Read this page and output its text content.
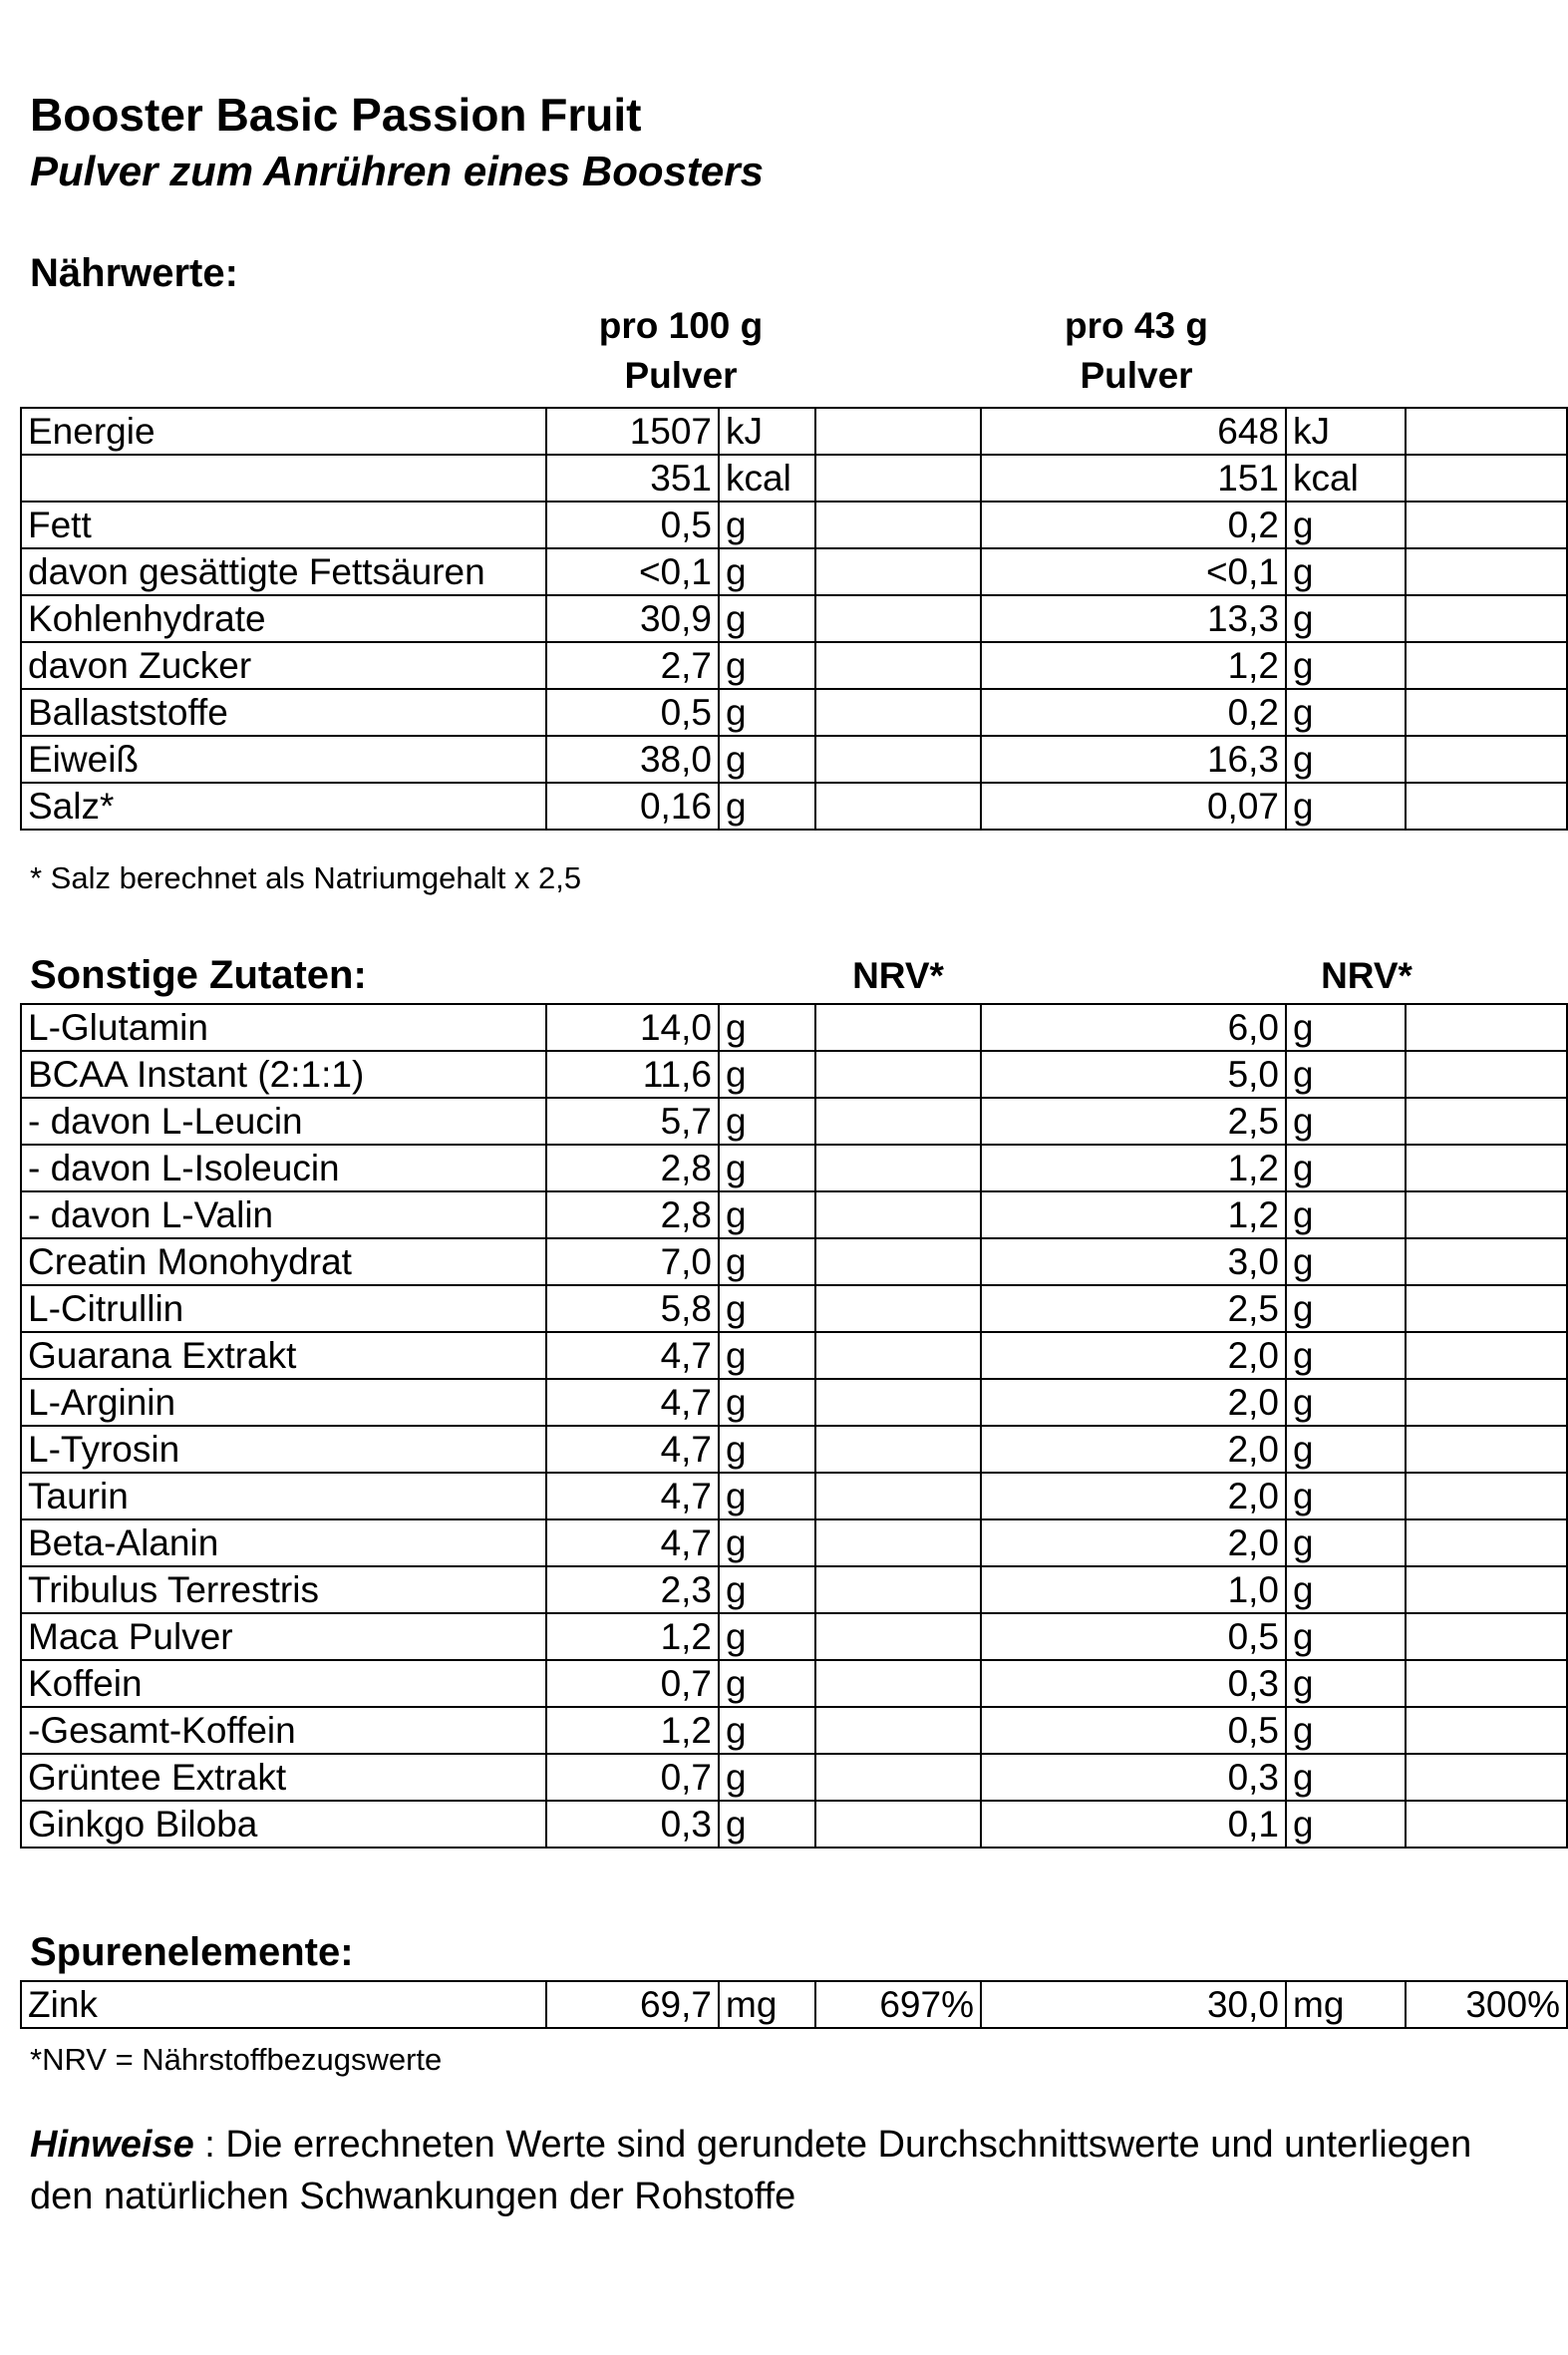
Booster Basic Passion Fruit
Pulver zum Anrühren eines Boosters
Nährwerte:
pro 100 g
Pulver
pro 43 g
Pulver
Energie	1507	kJ		648	kJ	
	351	kcal		151	kcal	
Fett	0,5	g		0,2	g	
davon gesättigte Fettsäuren	<0,1	g		<0,1	g	
Kohlenhydrate	30,9	g		13,3	g	
davon Zucker	2,7	g		1,2	g	
Ballaststoffe	0,5	g		0,2	g	
Eiweiß	38,0	g		16,3	g	
Salz*	0,16	g		0,07	g	
* Salz berechnet als Natriumgehalt x 2,5
Sonstige Zutaten:	NRV*	NRV*
L-Glutamin	14,0	g		6,0	g	
BCAA Instant (2:1:1)	11,6	g		5,0	g	
- davon L-Leucin	5,7	g		2,5	g	
- davon L-Isoleucin	2,8	g		1,2	g	
- davon L-Valin	2,8	g		1,2	g	
Creatin Monohydrat	7,0	g		3,0	g	
L-Citrullin	5,8	g		2,5	g	
Guarana Extrakt	4,7	g		2,0	g	
L-Arginin	4,7	g		2,0	g	
L-Tyrosin	4,7	g		2,0	g	
Taurin	4,7	g		2,0	g	
Beta-Alanin	4,7	g		2,0	g	
Tribulus Terrestris	2,3	g		1,0	g	
Maca Pulver	1,2	g		0,5	g	
Koffein	0,7	g		0,3	g	
-Gesamt-Koffein	1,2	g		0,5	g	
Grüntee Extrakt	0,7	g		0,3	g	
Ginkgo Biloba	0,3	g		0,1	g	
Spurenelemente:
Zink	69,7	mg	697%	30,0	mg	300%
*NRV = Nährstoffbezugswerte
Hinweise : Die errechneten Werte sind gerundete Durchschnittswerte und unterliegen den natürlichen Schwankungen der Rohstoffe
